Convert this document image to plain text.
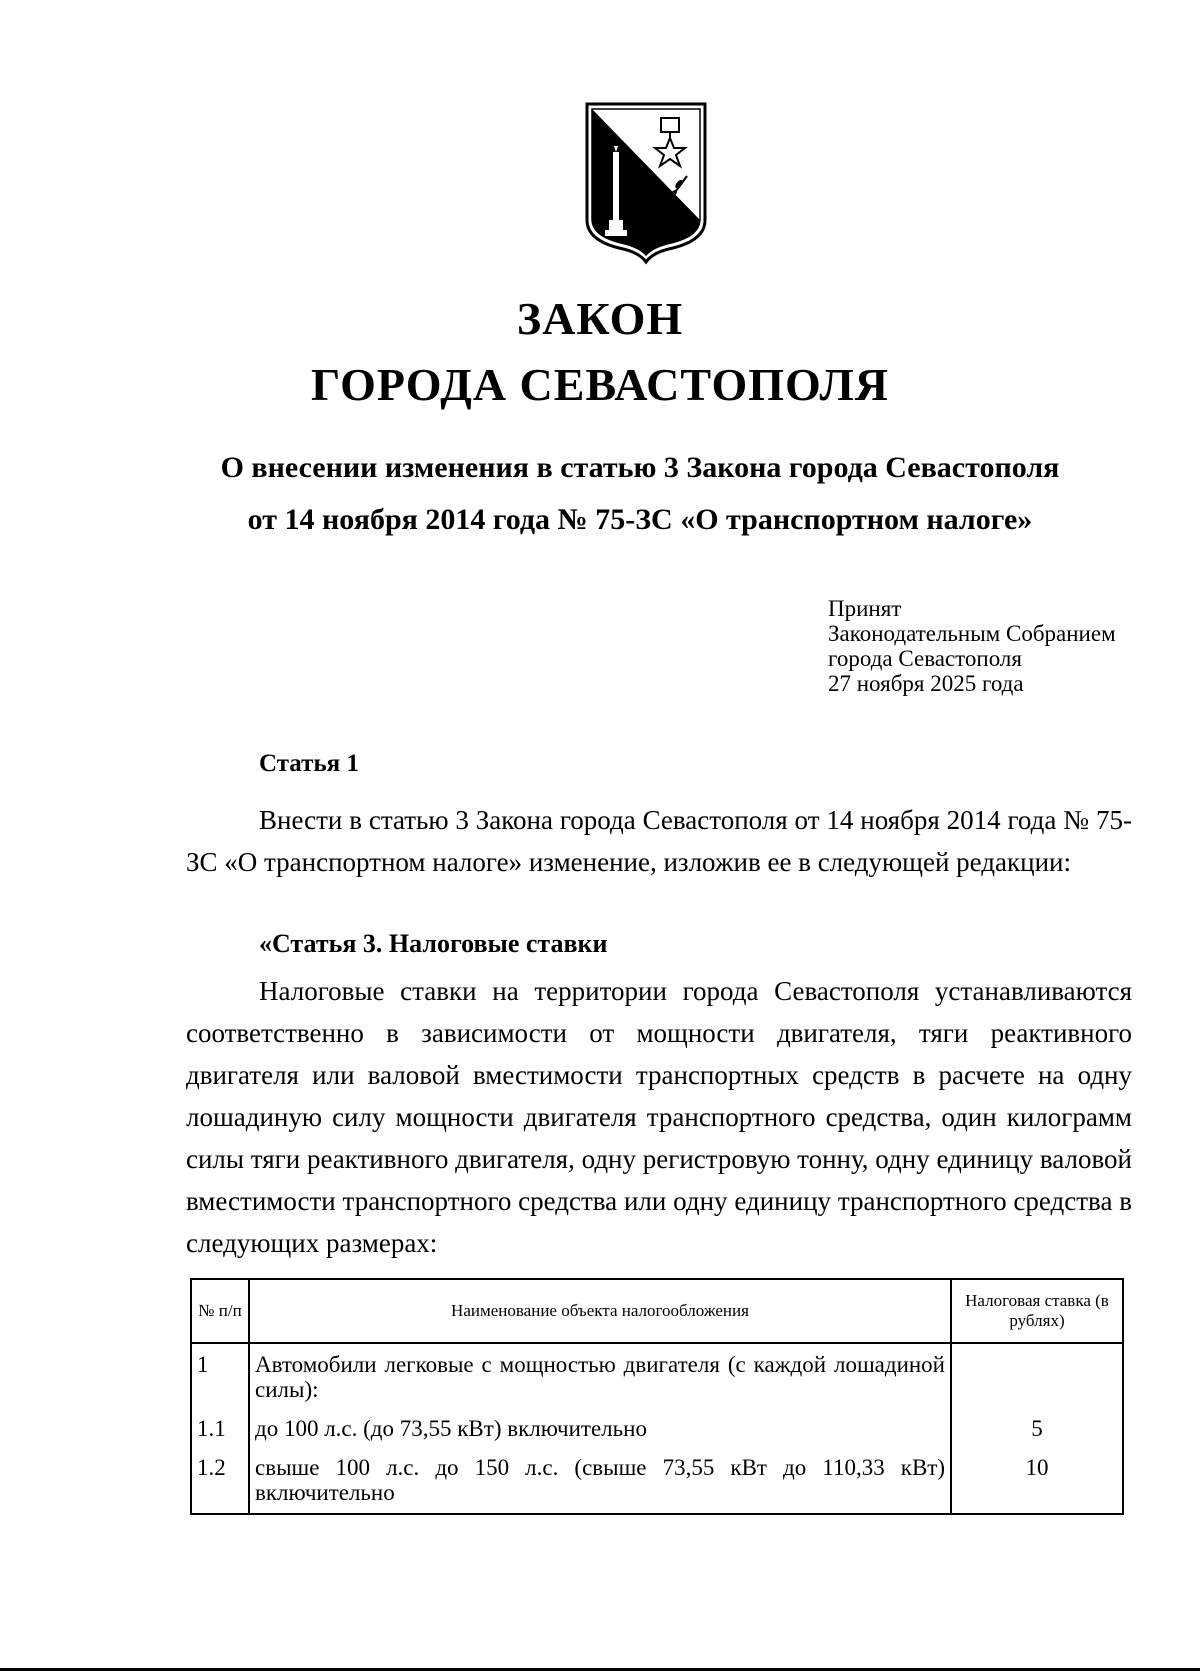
ЗАКОН
ГОРОДА СЕВАСТОПОЛЯ
О внесении изменения в статью 3 Закона города Севастополя
от 14 ноября 2014 года № 75-ЗС «О транспортном налоге»
Принят
Законодательным Собранием
города Севастополя
27 ноября 2025 года
Статья 1

Внести в статью 3 Закона города Севастополя от 14 ноября 2014 года № 75-ЗС «О транспортном налоге» изменение, изложив ее в следующей редакции:

«Статья 3. Налоговые ставки

Налоговые ставки на территории города Севастополя устанавливаются соответственно в зависимости от мощности двигателя, тяги реактивного двигателя или валовой вместимости транспортных средств в расчете на одну лошадиную силу мощности двигателя транспортного средства, один килограмм силы тяги реактивного двигателя, одну регистровую тонну, одну единицу валовой вместимости транспортного средства или одну единицу транспортного средства в следующих размерах:

№ п/п	Наименование объекта налогообложения	Налоговая ставка (в рублях)
1	Автомобили легковые с мощностью двигателя (с каждой лошадиной силы):	
1.1	до 100 л.с. (до 73,55 кВт) включительно	5
1.2	свыше 100 л.с. до 150 л.с. (свыше 73,55 кВт до 110,33 кВт) включительно	10
